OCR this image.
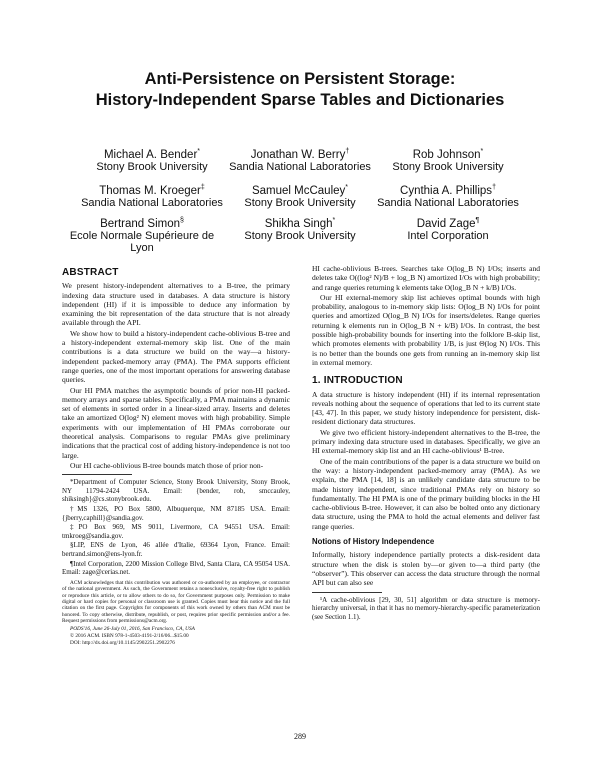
Anti-Persistence on Persistent Storage:
History-Independent Sparse Tables and Dictionaries
Michael A. Bender*
Stony Brook University
Jonathan W. Berry†
Sandia National Laboratories
Rob Johnson*
Stony Brook University
Thomas M. Kroeger‡
Sandia National Laboratories
Samuel McCauley*
Stony Brook University
Cynthia A. Phillips†
Sandia National Laboratories
Bertrand Simon§
Ecole Normale Supérieure de Lyon
Shikha Singh*
Stony Brook University
David Zage¶
Intel Corporation
ABSTRACT

We present history-independent alternatives to a B-tree, the primary indexing data structure used in databases. A data structure is history independent (HI) if it is impossible to deduce any information by examining the bit representation of the data structure that is not already available through the API.

We show how to build a history-independent cache-oblivious B-tree and a history-independent external-memory skip list. One of the main contributions is a data structure we build on the way—a history-independent packed-memory array (PMA). The PMA supports efficient range queries, one of the most important operations for answering database queries.

Our HI PMA matches the asymptotic bounds of prior non-HI packed-memory arrays and sparse tables. Specifically, a PMA maintains a dynamic set of elements in sorted order in a linear-sized array. Inserts and deletes take an amortized O(log² N) element moves with high probability. Simple experiments with our implementation of HI PMAs corroborate our theoretical analysis. Comparisons to regular PMAs give preliminary indications that the practical cost of adding history-independence is not too large.

Our HI cache-oblivious B-tree bounds match those of prior non-

*Department of Computer Science, Stony Brook University, Stony Brook, NY 11794-2424 USA. Email: {bender, rob, smccauley, shiksingh}@cs.stonybrook.edu.

†MS 1326, PO Box 5800, Albuquerque, NM 87185 USA. Email: {jberry,caphill}@sandia.gov.

‡PO Box 969, MS 9011, Livermore, CA 94551 USA. Email: tmkroeg@sandia.gov.

§LIP, ENS de Lyon, 46 allée d'Italie, 69364 Lyon, France. Email: bertrand.simon@ens-lyon.fr.

¶Intel Corporation, 2200 Mission College Blvd, Santa Clara, CA 95054 USA. Email: zage@cerias.net.

ACM acknowledges that this contribution was authored or co-authored by an employee, or contractor of the national government. As such, the Government retains a nonexclusive, royalty-free right to publish or reproduce this article, or to allow others to do so, for Government purposes only. Permission to make digital or hard copies for personal or classroom use is granted. Copies must bear this notice and the full citation on the first page. Copyrights for components of this work owned by others than ACM must be honored. To copy otherwise, distribute, republish, or post, requires prior specific permission and/or a fee. Request permissions from permissions@acm.org.

PODS'16, June 26-July 01, 2016, San Francisco, CA, USA

© 2016 ACM. ISBN 978-1-4503-4191-2/16/06...$15.00

DOI: http://dx.doi.org/10.1145/2902251.2902276

HI cache-oblivious B-trees. Searches take O(log_B N) I/Os; inserts and deletes take O((log² N)/B + log_B N) amortized I/Os with high probability; and range queries returning k elements take O(log_B N + k/B) I/Os.

Our HI external-memory skip list achieves optimal bounds with high probability, analogous to in-memory skip lists: O(log_B N) I/Os for point queries and amortized O(log_B N) I/Os for inserts/deletes. Range queries returning k elements run in O(log_B N + k/B) I/Os. In contrast, the best possible high-probability bounds for inserting into the folklore B-skip list, which promotes elements with probability 1/B, is just Θ(log N) I/Os. This is no better than the bounds one gets from running an in-memory skip list in external memory.

1. INTRODUCTION

A data structure is history independent (HI) if its internal representation reveals nothing about the sequence of operations that led to its current state [43, 47]. In this paper, we study history independence for persistent, disk-resident dictionary data structures.

We give two efficient history-independent alternatives to the B-tree, the primary indexing data structure used in databases. Specifically, we give an HI external-memory skip list and an HI cache-oblivious¹ B-tree.

One of the main contributions of the paper is a data structure we build on the way: a history-independent packed-memory array (PMA). As we explain, the PMA [14, 18] is an unlikely candidate data structure to be made history independent, since traditional PMAs rely on history so fundamentally. The HI PMA is one of the primary building blocks in the HI cache-oblivious B-tree. However, it can also be bolted onto any dictionary data structure, using the PMA to hold the actual elements and deliver fast range queries.

Notions of History Independence

Informally, history independence partially protects a disk-resident data structure when the disk is stolen by—or given to—a third party (the “observer”). This observer can access the data structure through the normal API but can also see

¹A cache-oblivious [29, 30, 51] algorithm or data structure is memory-hierarchy universal, in that it has no memory-hierarchy-specific parameterization (see Section 1.1).

289
